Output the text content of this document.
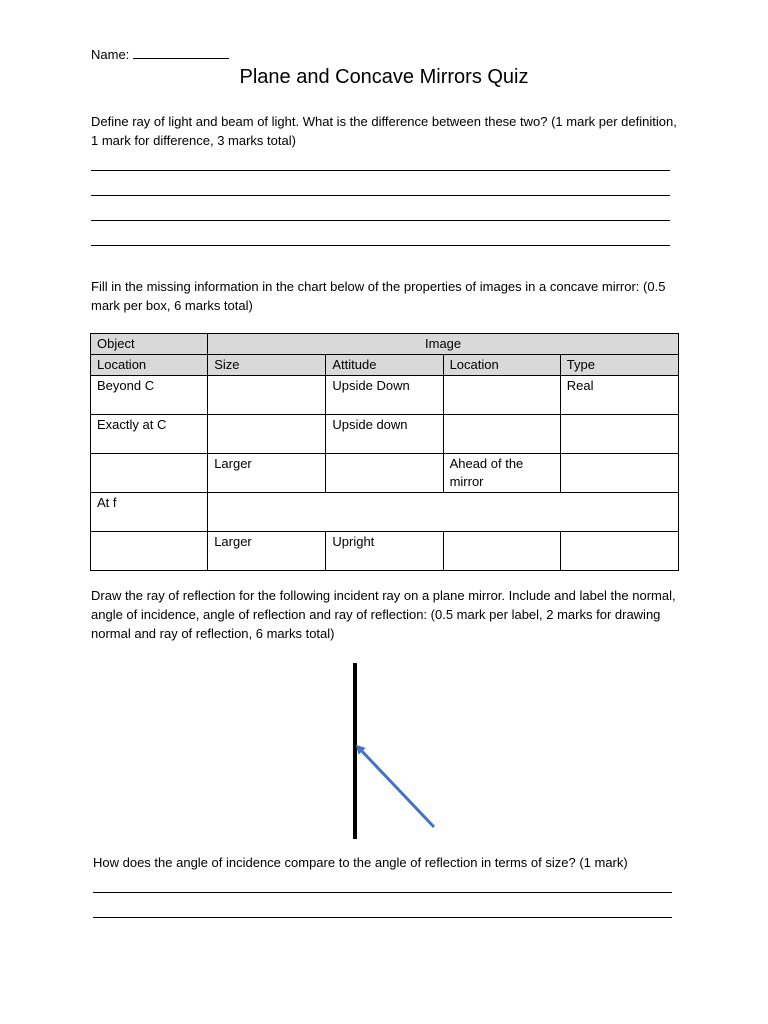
Name:
Plane and Concave Mirrors Quiz
Define ray of light and beam of light. What is the difference between these two? (1 mark per definition, 1 mark for difference, 3 marks total)
Fill in the missing information in the chart below of the properties of images in a concave mirror: (0.5 mark per box, 6 marks total)
Object	Image			
Location	Size	Attitude	Location	Type
Beyond C		Upside Down		Real
Exactly at C		Upside down		
	Larger		Ahead of the mirror	
At f				
	Larger	Upright		
Draw the ray of reflection for the following incident ray on a plane mirror. Include and label the normal, angle of incidence, angle of reflection and ray of reflection: (0.5 mark per label, 2 marks for drawing normal and ray of reflection, 6 marks total)
How does the angle of incidence compare to the angle of reflection in terms of size? (1 mark)
